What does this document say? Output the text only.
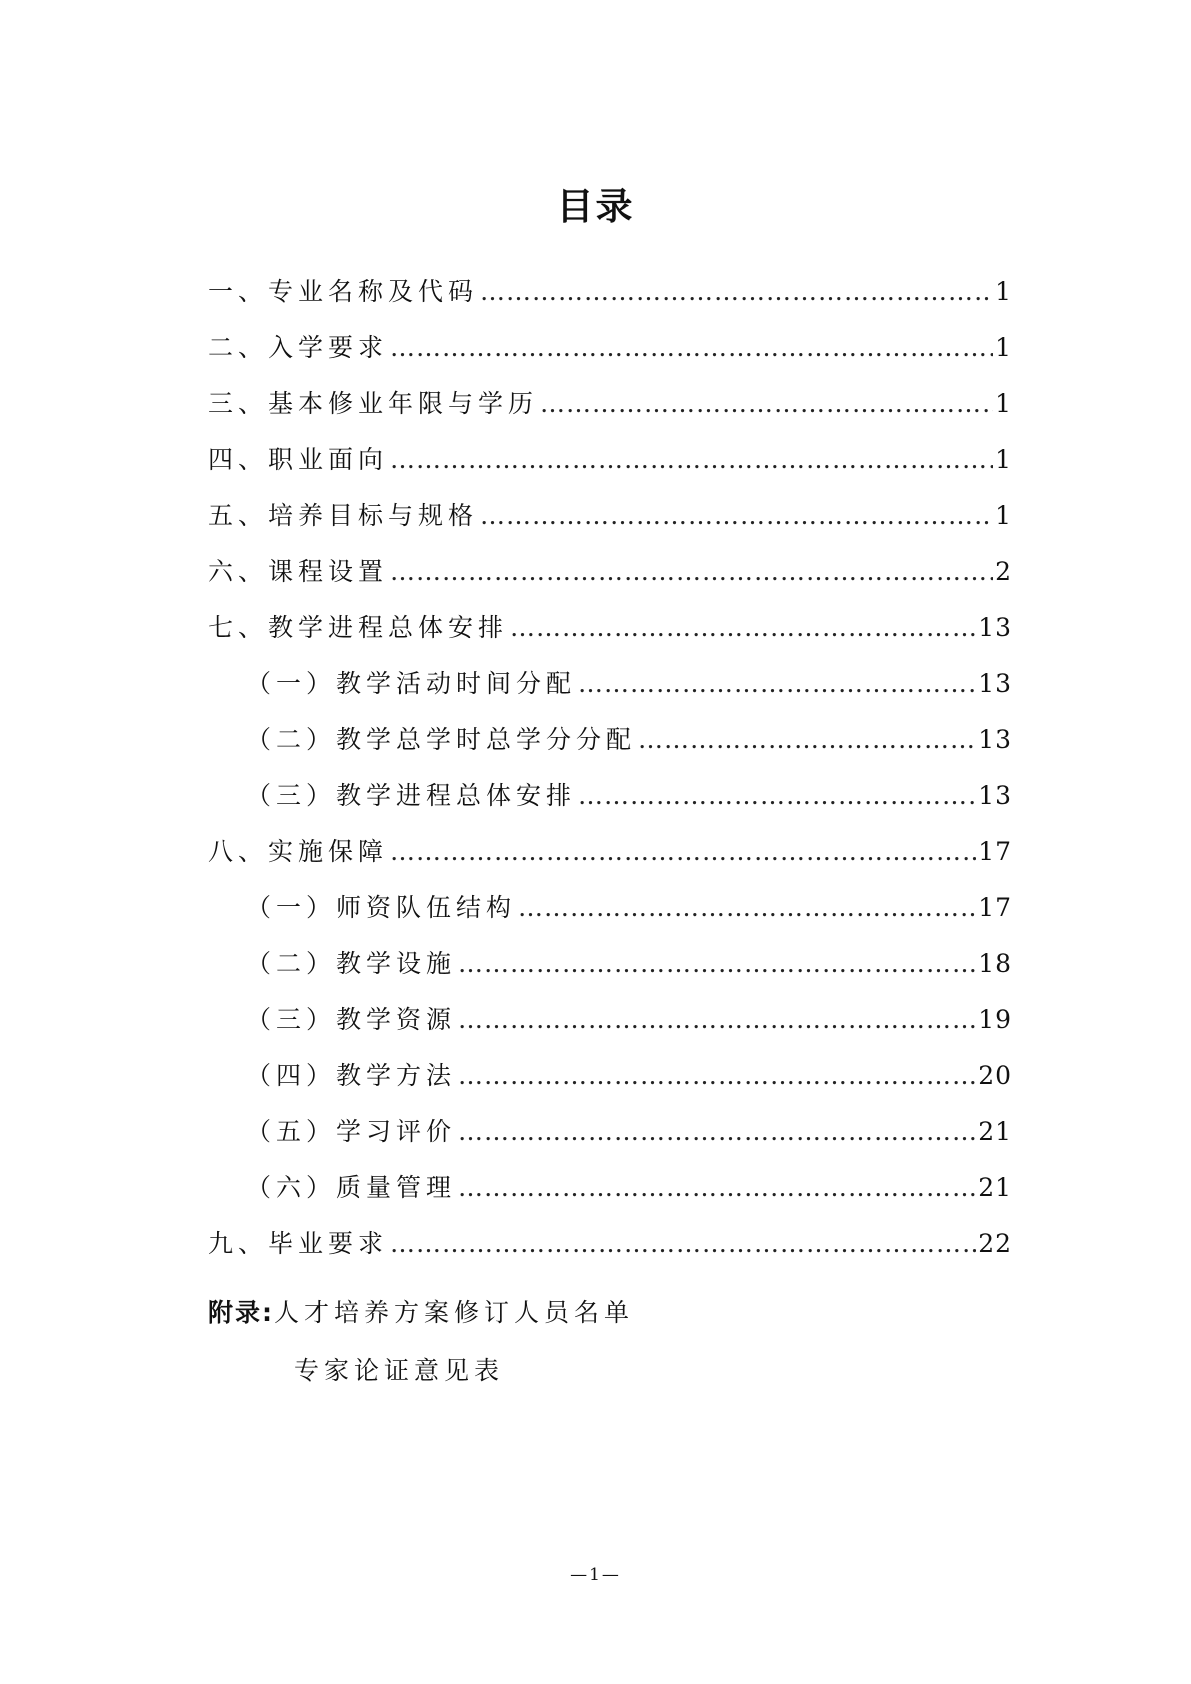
目录
一、专业名称及代码 ……………………………………………………………………………………………………………………………………………………………………	1
二、入学要求 ……………………………………………………………………………………………………………………………………………………………………	1
三、基本修业年限与学历 ……………………………………………………………………………………………………………………………………………………………………	1
四、职业面向 ……………………………………………………………………………………………………………………………………………………………………	1
五、培养目标与规格 ……………………………………………………………………………………………………………………………………………………………………	1
六、课程设置 ……………………………………………………………………………………………………………………………………………………………………	2
七、教学进程总体安排 ……………………………………………………………………………………………………………………………………………………………………	13
（一）教学活动时间分配 ……………………………………………………………………………………………………………………………………………………………………	13
（二）教学总学时总学分分配 ……………………………………………………………………………………………………………………………………………………………………	13
（三）教学进程总体安排 ……………………………………………………………………………………………………………………………………………………………………	13
八、实施保障 ……………………………………………………………………………………………………………………………………………………………………	17
（一）师资队伍结构 ……………………………………………………………………………………………………………………………………………………………………	17
（二）教学设施 ……………………………………………………………………………………………………………………………………………………………………	18
（三）教学资源 ……………………………………………………………………………………………………………………………………………………………………	19
（四）教学方法 ……………………………………………………………………………………………………………………………………………………………………	20
（五）学习评价 ……………………………………………………………………………………………………………………………………………………………………	21
（六）质量管理 ……………………………………………………………………………………………………………………………………………………………………	21
九、毕业要求 ……………………………………………………………………………………………………………………………………………………………………	22
附录:人才培养方案修订人员名单
专家论证意见表
—1—
